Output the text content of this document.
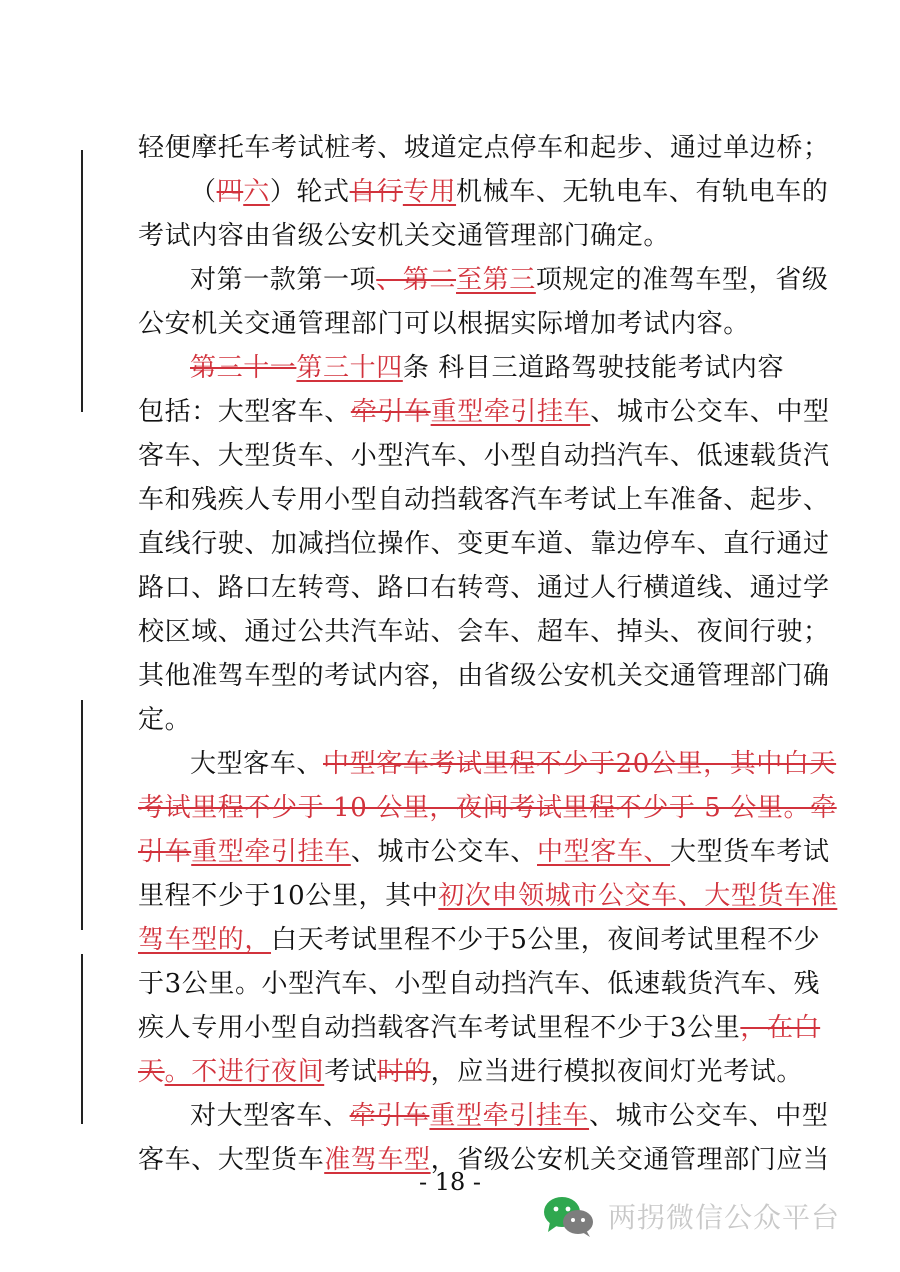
轻便摩托车考试桩考、坡道定点停车和起步、通过单边桥；
（四六）轮式自行专用机械车、无轨电车、有轨电车的
考试内容由省级公安机关交通管理部门确定。
对第一款第一项、第二至第三项规定的准驾车型，省级
公安机关交通管理部门可以根据实际增加考试内容。
第三十一第三十四条 科目三道路驾驶技能考试内容
包括：大型客车、牵引车重型牵引挂车、城市公交车、中型
客车、大型货车、小型汽车、小型自动挡汽车、低速载货汽
车和残疾人专用小型自动挡载客汽车考试上车准备、起步、
直线行驶、加减挡位操作、变更车道、靠边停车、直行通过
路口、路口左转弯、路口右转弯、通过人行横道线、通过学
校区域、通过公共汽车站、会车、超车、掉头、夜间行驶；
其他准驾车型的考试内容，由省级公安机关交通管理部门确
定。
大型客车、中型客车考试里程不少于20公里，其中白天
考试里程不少于 10 公里，夜间考试里程不少于 5 公里。牵
引车重型牵引挂车、城市公交车、中型客车、大型货车考试
里程不少于10公里，其中初次申领城市公交车、大型货车准
驾车型的，白天考试里程不少于5公里，夜间考试里程不少
于3公里。小型汽车、小型自动挡汽车、低速载货汽车、残
疾人专用小型自动挡载客汽车考试里程不少于3公里，在白
天。不进行夜间考试时的，应当进行模拟夜间灯光考试。
对大型客车、牵引车重型牵引挂车、城市公交车、中型
客车、大型货车准驾车型，省级公安机关交通管理部门应当
- 18 -
两拐微信公众平台
